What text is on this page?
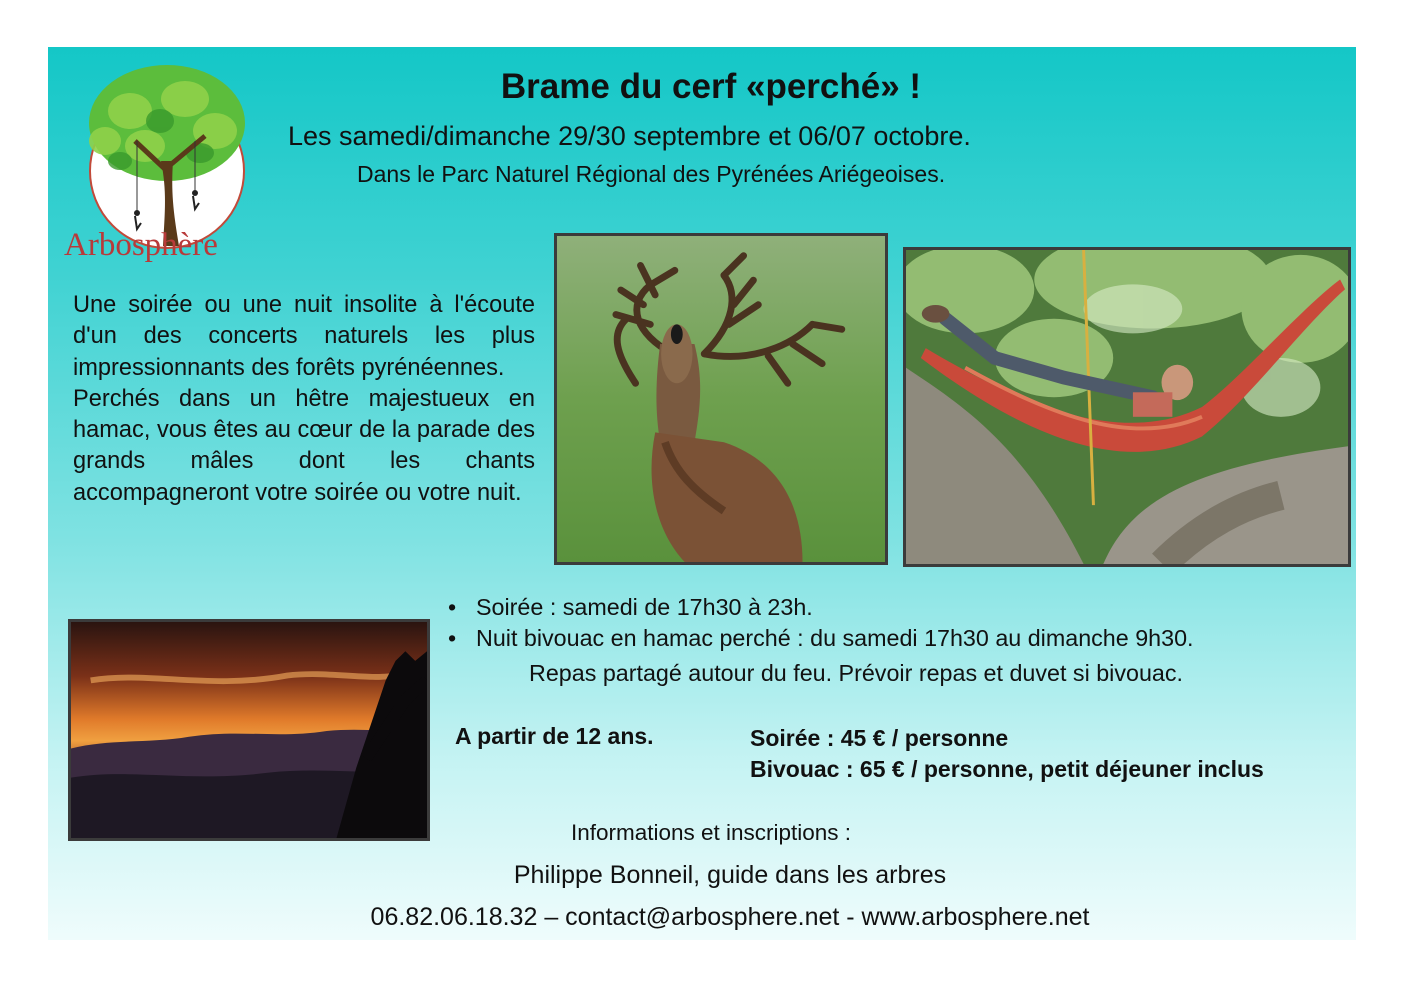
Arbosphère
Brame du cerf «perché» !
Les samedi/dimanche 29/30 septembre et 06/07 octobre.
Dans le Parc Naturel Régional des Pyrénées Ariégeoises.

Une soirée ou une nuit insolite à l'écoute d'un des concerts naturels les plus impressionnants des forêts pyrénéennes.

Perchés dans un hêtre majestueux en hamac, vous êtes au cœur de la parade des grands mâles dont les chants accompagneront votre soirée ou votre nuit.

• Soirée : samedi de 17h30 à 23h.
• Nuit bivouac en hamac perché : du samedi 17h30 au dimanche 9h30.
Repas partagé autour du feu. Prévoir repas et duvet si bivouac.
A partir de 12 ans.	Soirée : 45 € / personne
Bivouac : 65 € / personne, petit déjeuner inclus
Informations et inscriptions :
Philippe Bonneil, guide dans les arbres
06.82.06.18.32 – contact@arbosphere.net - www.arbosphere.net
